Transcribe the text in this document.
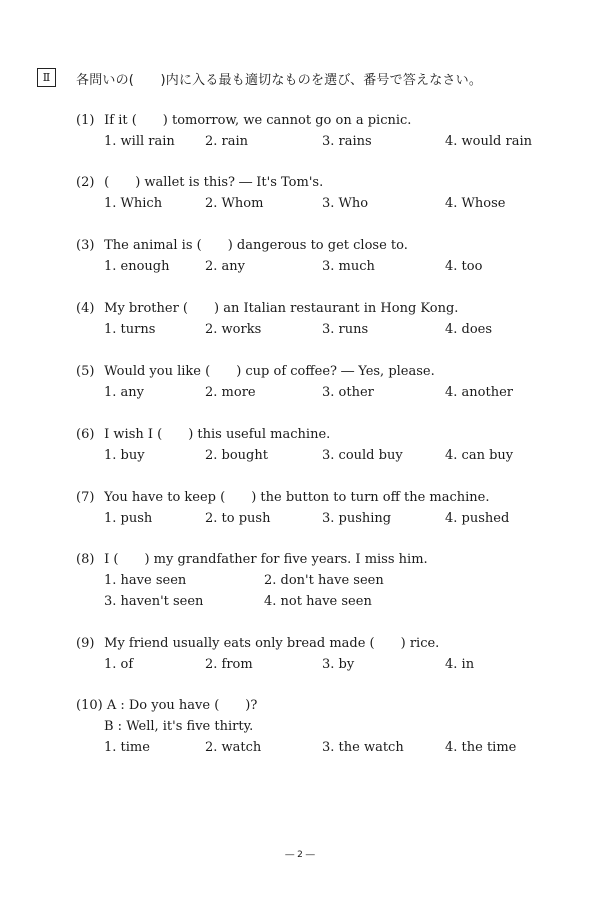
Ⅱ	各問いの(　　)内に入る最も適切なものを選び、番号で答えなさい。
(1) If it (　　) tomorrow, we cannot go on a picnic.
1. will rain 2. rain	3. rains	4. would rain
(2) (　　) wallet is this? ― It's Tom's.
1. Which	2. Whom	3. Who	4. Whose
(3) The animal is (　　) dangerous to get close to.
1. enough	2. any	3. much	4. too
(4) My brother (　　) an Italian restaurant in Hong Kong.
1. turns	2. works	3. runs	4. does
(5) Would you like (　　) cup of coffee? ― Yes, please.
1. any	2. more	3. other	4. another
(6) I wish I (　　) this useful machine.
1. buy	2. bought	3. could buy	4. can buy
(7) You have to keep (　　) the button to turn off the machine.
1. push	2. to push	3. pushing	4. pushed
(8) I (　　) my grandfather for five years. I miss him.
1. have seen	2. don't have seen
3. haven't seen	4. not have seen
(9) My friend usually eats only bread made (　　) rice.
1. of	2. from	3. by	4. in
(10) A : Do you have (　　)?
B : Well, it's five thirty.
1. time	2. watch	3. the watch	4. the time
― 2 ―
